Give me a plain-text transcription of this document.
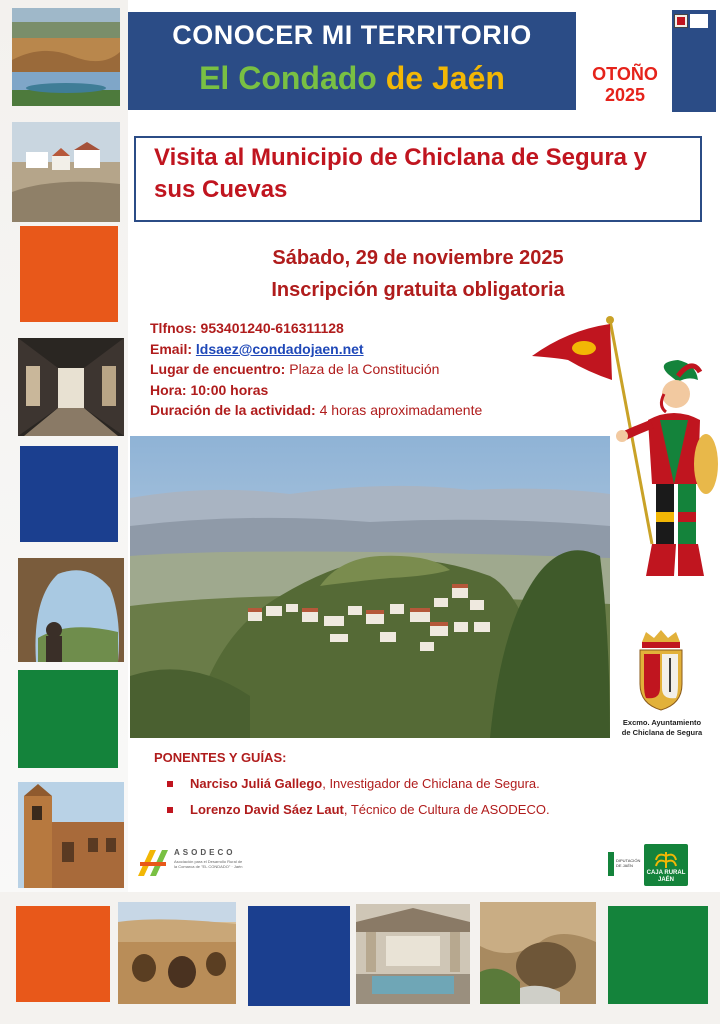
CONOCER MI TERRITORIO
El Condado de Jaén	OTOÑO
2025
Visita al Municipio de Chiclana de Segura y sus Cuevas
Sábado, 29 de noviembre 2025
Inscripción gratuita obligatoria
Tlfnos: 953401240-616311128
Email: ldsaez@condadojaen.net
Lugar de encuentro: Plaza de la Constitución
Hora: 10:00 horas
Duración de la actividad: 4 horas aproximadamente
Excmo. Ayuntamiento
de Chiclana de Segura
PONENTES Y GUÍAS:
Narciso Juliá Gallego, Investigador de Chiclana de Segura.
Lorenzo David Sáez Laut, Técnico de Cultura de ASODECO.
ASODECO
Asociación para el Desarrollo Rural de la Comarca de "EL CONDADO" · Jaén
DIPUTACIÓN DE JAÉN
CAJA RURAL
JAÉN
